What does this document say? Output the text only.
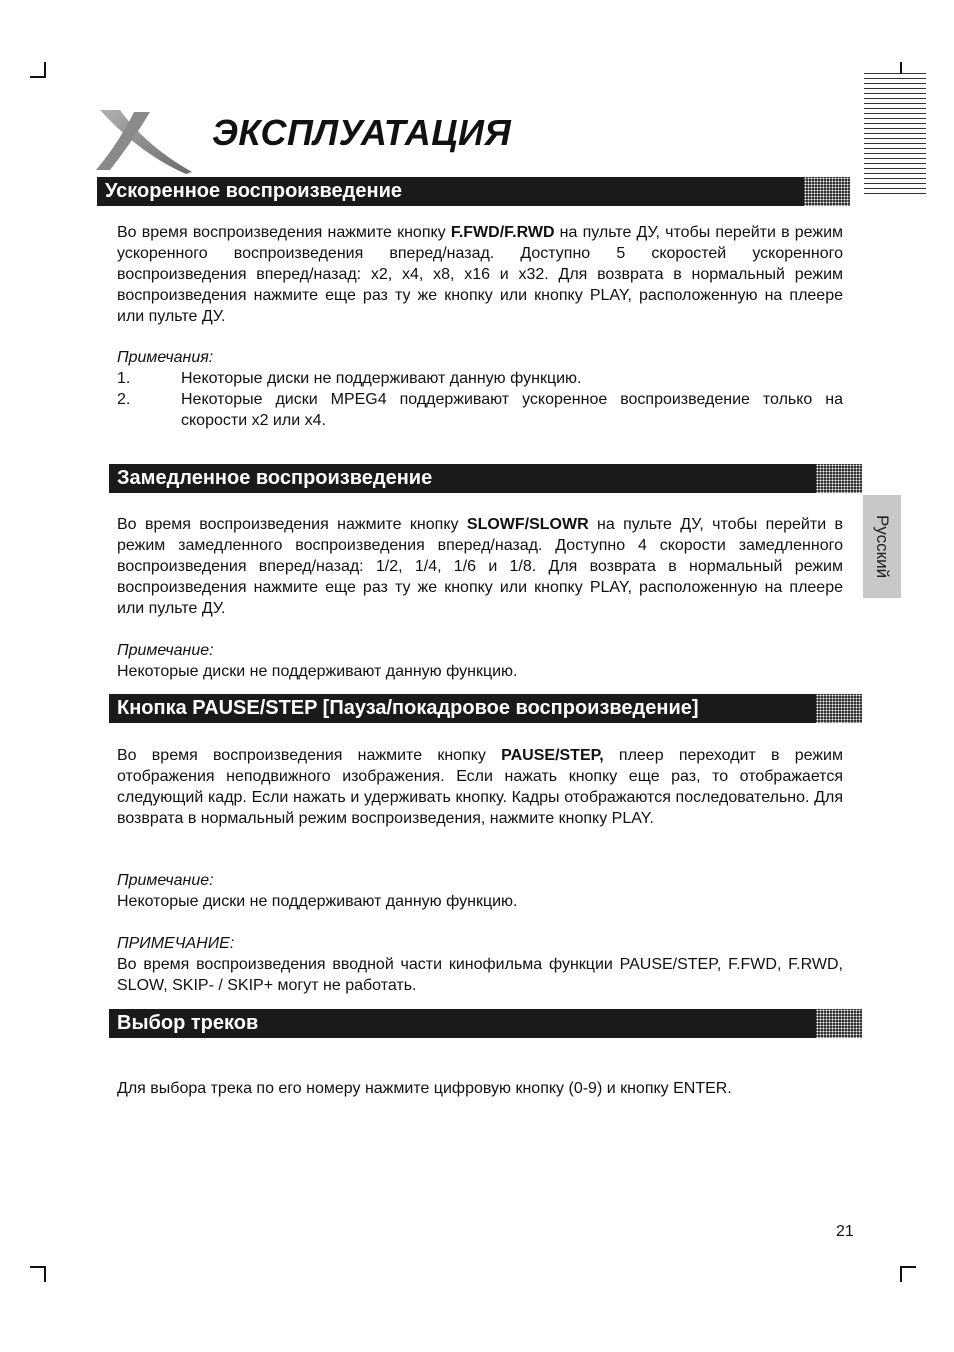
ЭКСПЛУАТАЦИЯ
Ускоренное воспроизведение
Во время воспроизведения нажмите кнопку F.FWD/F.RWD на пульте ДУ, чтобы перейти в режим ускоренного воспроизведения вперед/назад. Доступно 5 скоростей ускоренного воспроизведения вперед/назад: x2, x4, x8, x16 и x32. Для возврата в нормальный режим воспроизведения нажмите еще раз ту же кнопку или кнопку PLAY, расположенную на плеере или пульте ДУ.
Примечания:
1.	Некоторые диски не поддерживают данную функцию.
2.	Некоторые диски MPEG4 поддерживают ускоренное воспроизведение только на скорости x2 или x4.
Замедленное воспроизведение
Во время воспроизведения нажмите кнопку SLOWF/SLOWR на пульте ДУ, чтобы перейти в режим замедленного воспроизведения вперед/назад. Доступно 4 скорости замедленного воспроизведения вперед/назад: 1/2, 1/4, 1/6 и 1/8. Для возврата в нормальный режим воспроизведения нажмите еще раз ту же кнопку или кнопку PLAY, расположенную на плеере или пульте ДУ.
Примечание:
Некоторые диски не поддерживают данную функцию.
Кнопка PAUSE/STEP [Пауза/покадровое воспроизведение]
Во время воспроизведения нажмите кнопку PAUSE/STEP, плеер переходит в режим отображения неподвижного изображения. Если нажать кнопку еще раз, то отображается следующий кадр. Если нажать и удерживать кнопку. Кадры отображаются последовательно. Для возврата в нормальный режим воспроизведения, нажмите кнопку PLAY.
Примечание:
Некоторые диски не поддерживают данную функцию.
ПРИМЕЧАНИЕ:
Во время воспроизведения вводной части кинофильма функции PAUSE/STEP, F.FWD, F.RWD, SLOW, SKIP- / SKIP+ могут не работать.
Выбор треков
Для выбора трека по его номеру нажмите цифровую кнопку (0-9) и кнопку ENTER.
Русский
21
